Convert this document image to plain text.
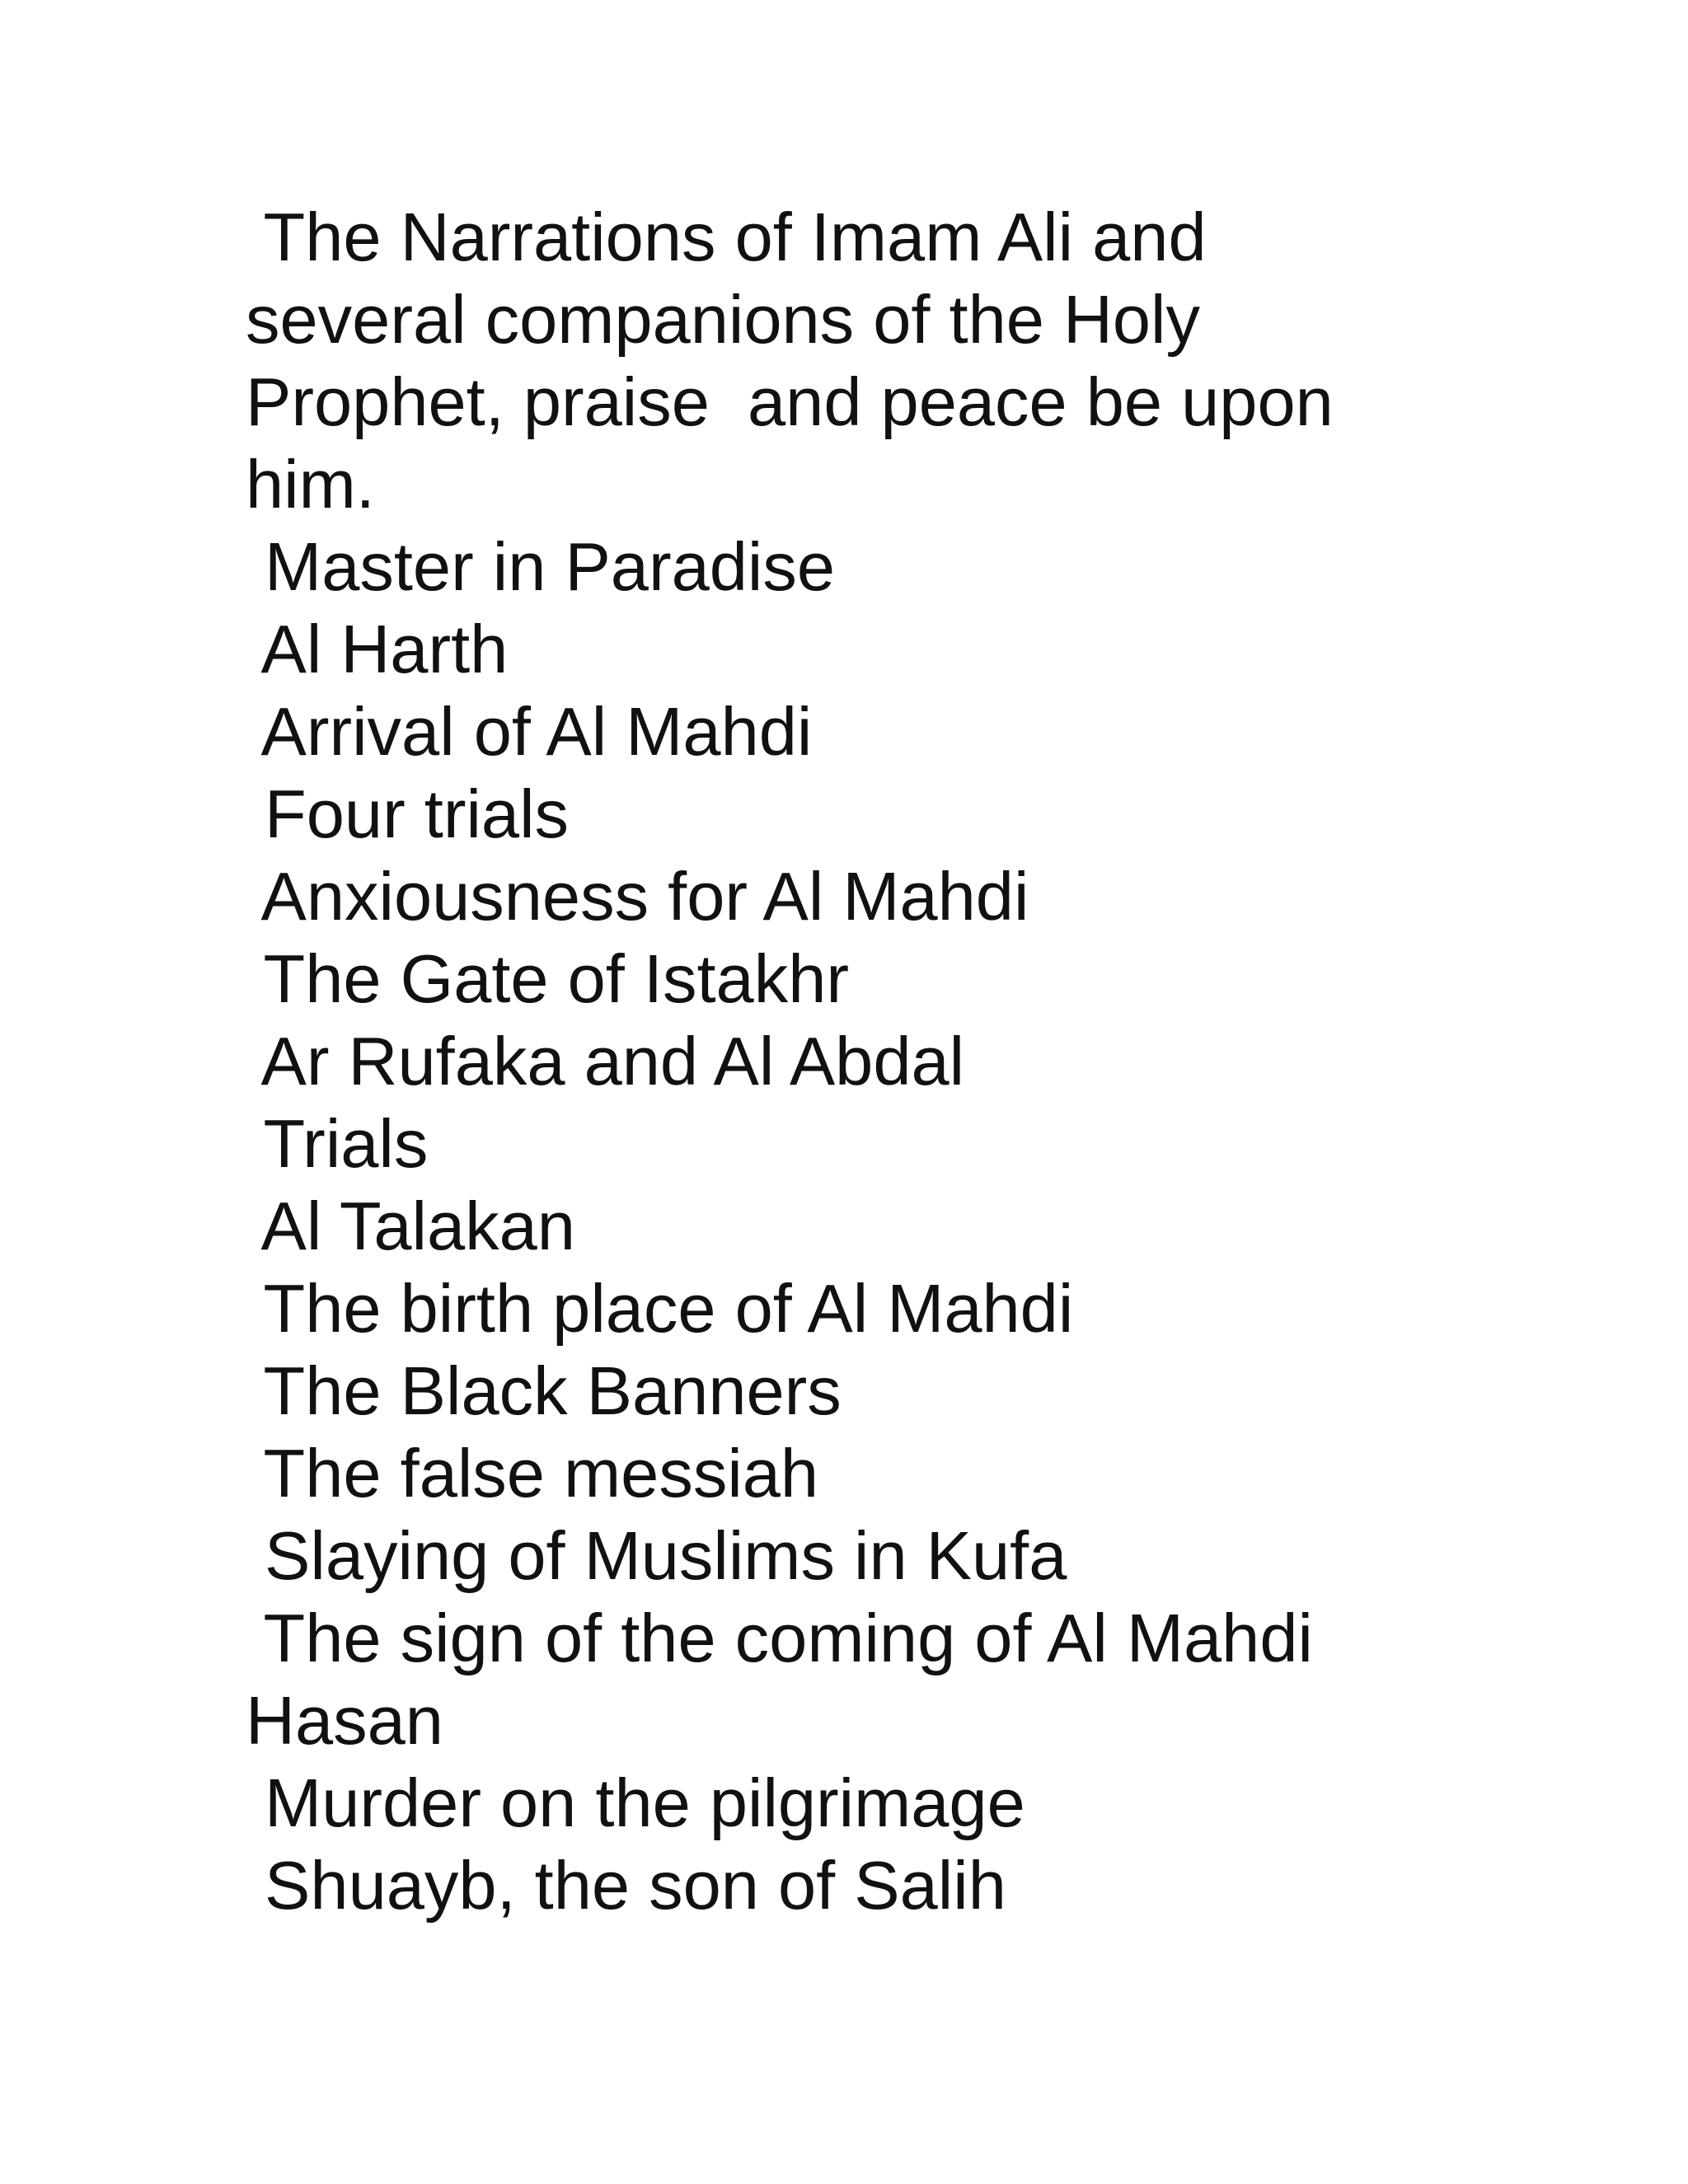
The Narrations of Imam Ali and

several companions of the Holy

Prophet, praise  and peace be upon

him.

Master in Paradise
Al Harth
Arrival of Al Mahdi
Four trials
Anxiousness for Al Mahdi
The Gate of Istakhr
Ar Rufaka and Al Abdal
Trials
Al Talakan
The birth place of Al Mahdi
The Black Banners
The false messiah
Slaying of Muslims in Kufa
The sign of the coming of Al Mahdi
Hasan
Murder on the pilgrimage
Shuayb, the son of Salih
